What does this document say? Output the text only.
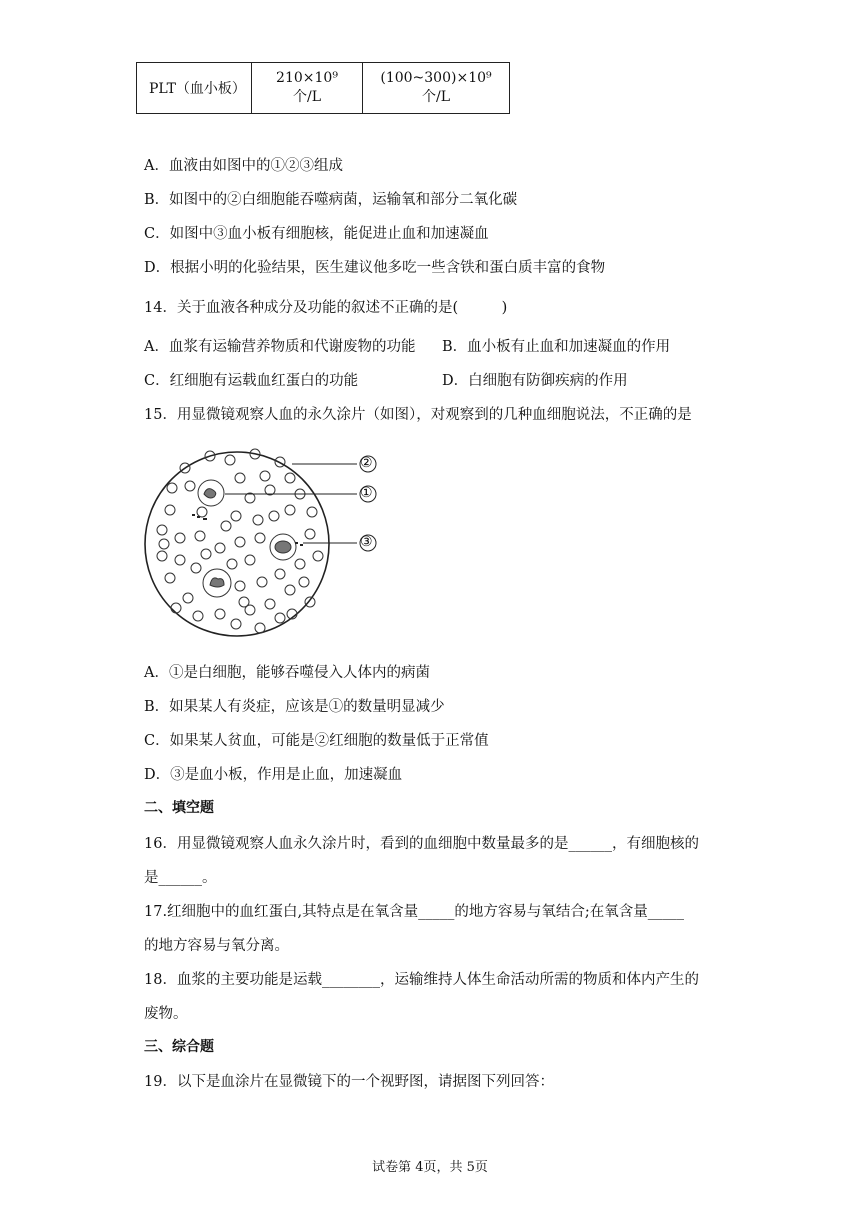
PLT（血小板）	210×10⁹ 个/L	(100~300)×10⁹ 个/L
A．血液由如图中的①②③组成
B．如图中的②白细胞能吞噬病菌，运输氧和部分二氧化碳
C．如图中③血小板有细胞核，能促进止血和加速凝血
D．根据小明的化验结果，医生建议他多吃一些含铁和蛋白质丰富的食物
14．关于血液各种成分及功能的叙述不正确的是(　　　)
A．血浆有运输营养物质和代谢废物的功能 B．血小板有止血和加速凝血的作用
C．红细胞有运载血红蛋白的功能	D．白细胞有防御疾病的作用
15．用显微镜观察人血的永久涂片（如图），对观察到的几种血细胞说法，不正确的是
②
①
③
A．①是白细胞，能够吞噬侵入人体内的病菌
B．如果某人有炎症，应该是①的数量明显减少
C．如果某人贫血，可能是②红细胞的数量低于正常值
D．③是血小板，作用是止血，加速凝血
二、填空题
16．用显微镜观察人血永久涂片时，看到的血细胞中数量最多的是______，有细胞核的
是______。
17.红细胞中的血红蛋白,其特点是在氧含量_____的地方容易与氧结合;在氧含量_____
的地方容易与氧分离。
18．血浆的主要功能是运载________，运输维持人体生命活动所需的物质和体内产生的
废物。
三、综合题
19．以下是血涂片在显微镜下的一个视野图，请据图下列回答：
试卷第 4页，共 5页
